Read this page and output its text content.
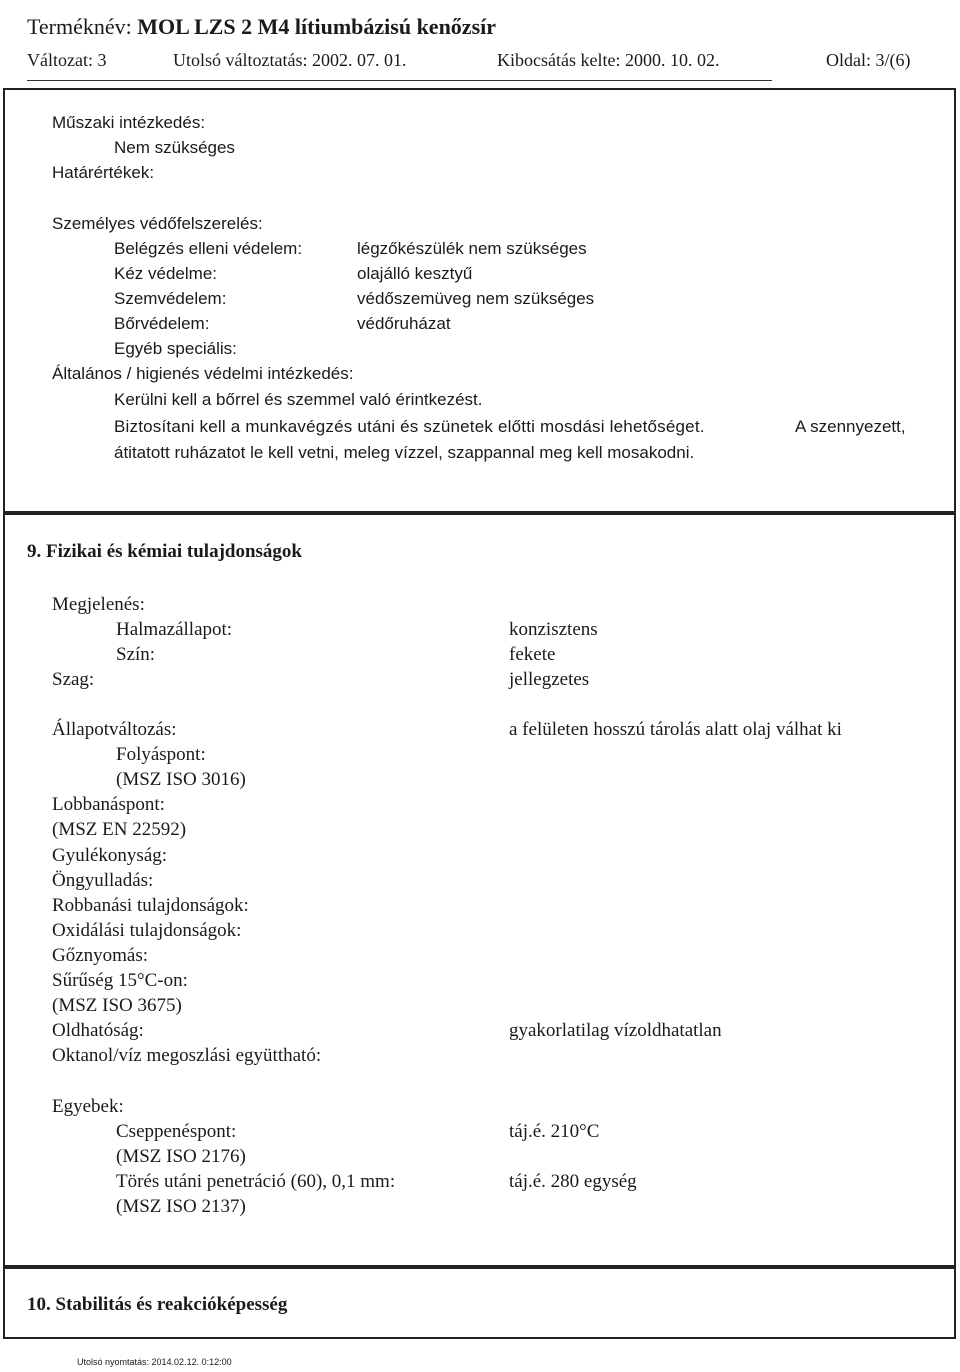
Terméknév: MOL LZS 2 M4 lítiumbázisú kenőzsír
Változat: 3	Utolsó változtatás: 2002. 07. 01.	Kibocsátás kelte: 2000. 10. 02.	Oldal: 3/(6)
Műszaki intézkedés:
Nem szükséges
Határértékek:
Személyes védőfelszerelés:
Belégzés elleni védelem:	légzőkészülék nem szükséges
Kéz védelme:	olajálló kesztyű
Szemvédelem:	védőszemüveg nem szükséges
Bőrvédelem:	védőruházat
Egyéb speciális:
Általános / higienés védelmi intézkedés:
Kerülni kell a bőrrel és szemmel való érintkezést.
Biztosítani kell a munkavégzés utáni és szünetek előtti mosdási lehetőséget.	A szennyezett,
átitatott ruházatot le kell vetni, meleg vízzel, szappannal meg kell mosakodni.
9. Fizikai és kémiai tulajdonságok
Megjelenés:
Halmazállapot:	konzisztens
Szín:	fekete
Szag:	jellegzetes
Állapotváltozás:	a felületen hosszú tárolás alatt olaj válhat ki
Folyáspont:
(MSZ ISO 3016)
Lobbanáspont:
(MSZ EN 22592)
Gyulékonyság:
Öngyulladás:
Robbanási tulajdonságok:
Oxidálási tulajdonságok:
Gőznyomás:
Sűrűség 15°C-on:
(MSZ ISO 3675)
Oldhatóság:	gyakorlatilag vízoldhatatlan
Oktanol/víz megoszlási együttható:
Egyebek:
Cseppenéspont:	táj.é. 210°C
(MSZ ISO 2176)
Törés utáni penetráció (60), 0,1 mm:	táj.é. 280 egység
(MSZ ISO 2137)
10. Stabilitás és reakcióképesség
Utolsó nyomtatás: 2014.02.12. 0:12:00
